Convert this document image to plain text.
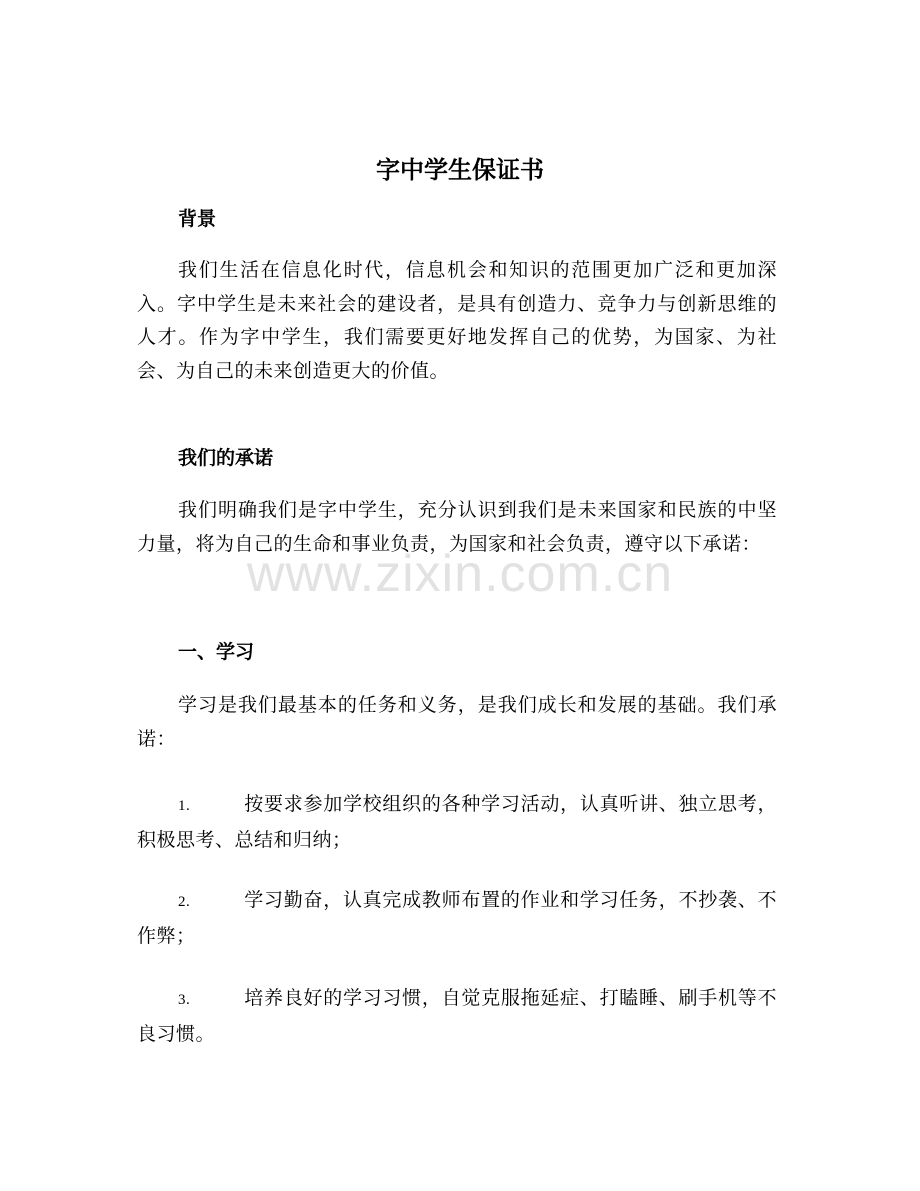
字中学生保证书
背景
我们生活在信息化时代，信息机会和知识的范围更加广泛和更加深入。字中学生是未来社会的建设者，是具有创造力、竞争力与创新思维的人才。作为字中学生，我们需要更好地发挥自己的优势，为国家、为社会、为自己的未来创造更大的价值。
我们的承诺
我们明确我们是字中学生，充分认识到我们是未来国家和民族的中坚力量，将为自己的生命和事业负责，为国家和社会负责，遵守以下承诺：
一、学习
学习是我们最基本的任务和义务，是我们成长和发展的基础。我们承诺：
1.	按要求参加学校组织的各种学习活动，认真听讲、独立思考，积极思考、总结和归纳；
2.	学习勤奋，认真完成教师布置的作业和学习任务，不抄袭、不作弊；
3.	培养良好的学习习惯，自觉克服拖延症、打瞌睡、刷手机等不良习惯。
www.zixin.com.cn
